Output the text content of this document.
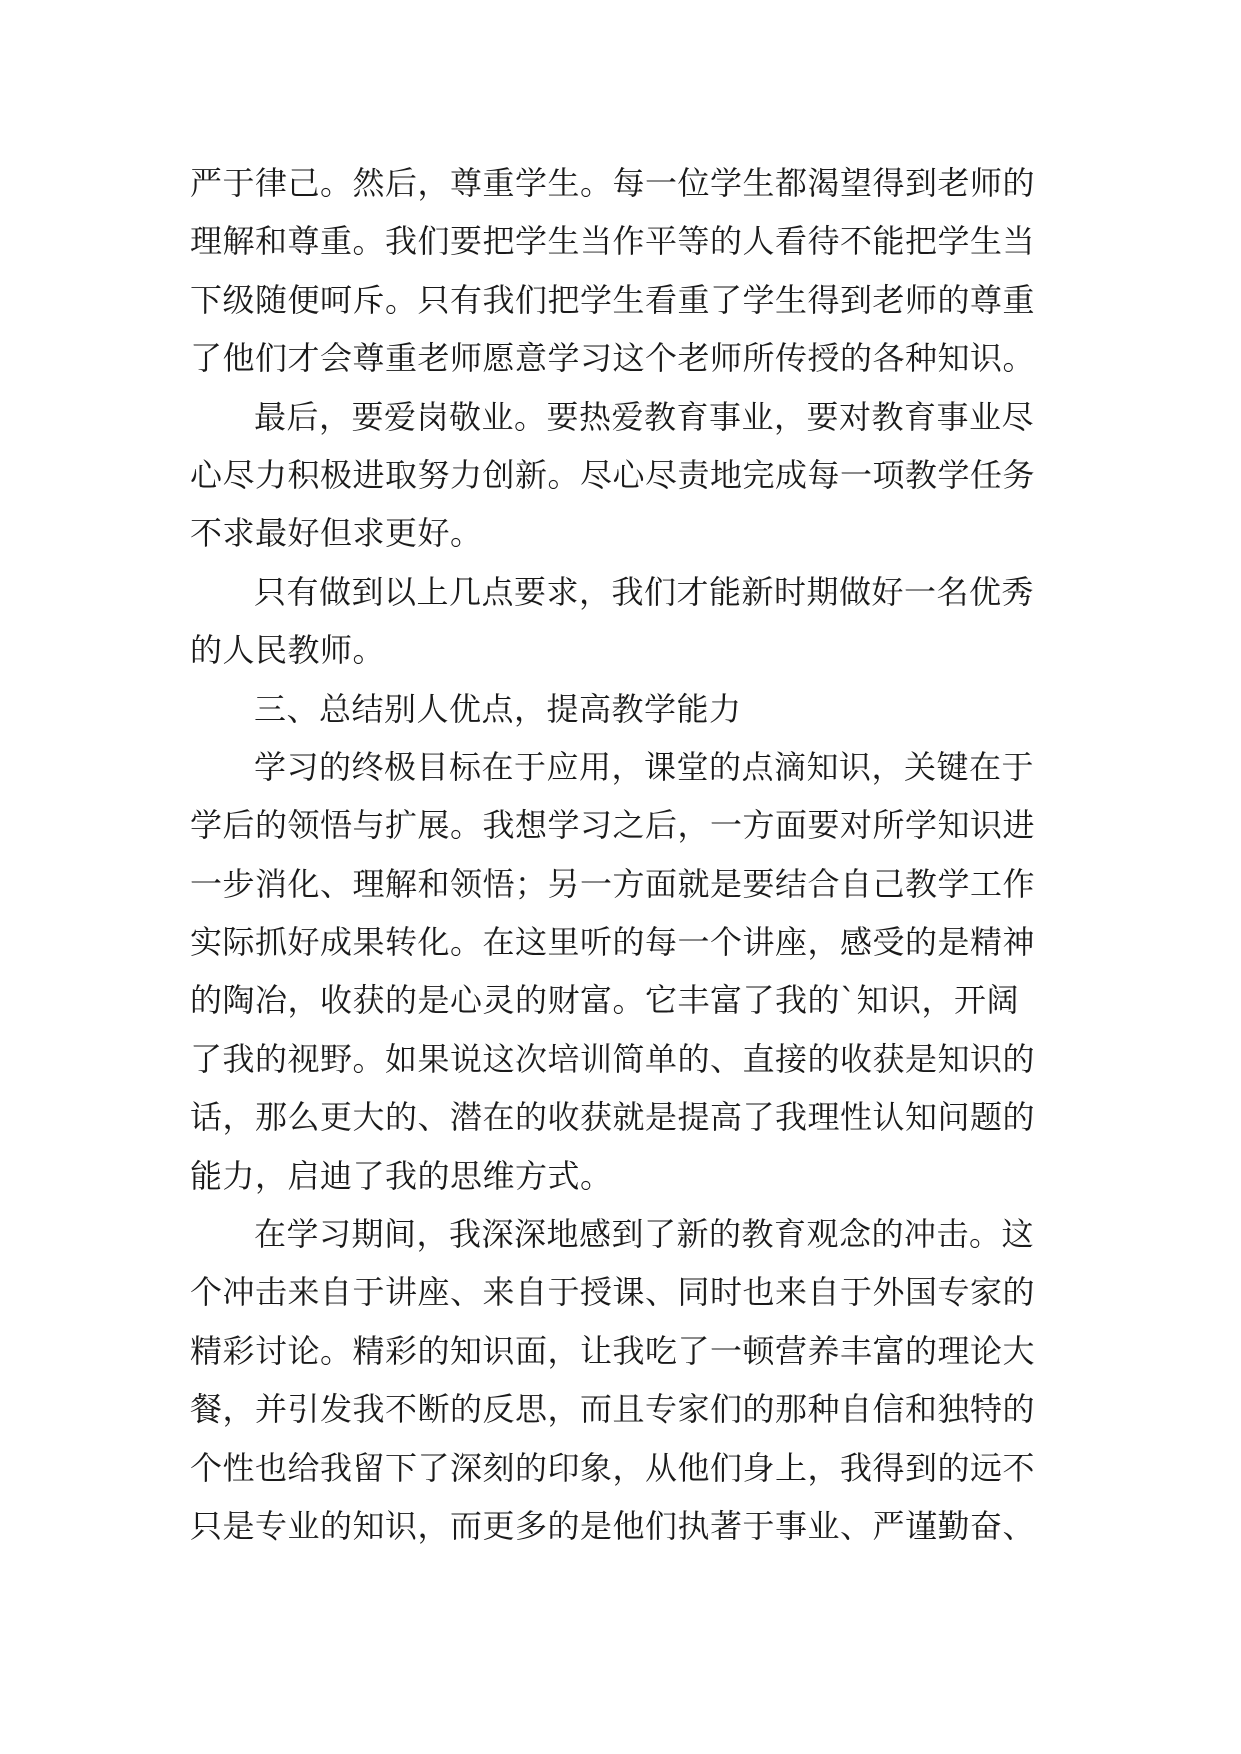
严于律己。然后，尊重学生。每一位学生都渴望得到老师的
理解和尊重。我们要把学生当作平等的人看待不能把学生当
下级随便呵斥。只有我们把学生看重了学生得到老师的尊重
了他们才会尊重老师愿意学习这个老师所传授的各种知识。
最后，要爱岗敬业。要热爱教育事业，要对教育事业尽
心尽力积极进取努力创新。尽心尽责地完成每一项教学任务
不求最好但求更好。
只有做到以上几点要求，我们才能新时期做好一名优秀
的人民教师。
三、总结别人优点，提高教学能力
学习的终极目标在于应用，课堂的点滴知识，关键在于
学后的领悟与扩展。我想学习之后，一方面要对所学知识进
一步消化、理解和领悟；另一方面就是要结合自己教学工作
实际抓好成果转化。在这里听的每一个讲座，感受的是精神
的陶冶，收获的是心灵的财富。它丰富了我的`知识，开阔
了我的视野。如果说这次培训简单的、直接的收获是知识的
话，那么更大的、潜在的收获就是提高了我理性认知问题的
能力，启迪了我的思维方式。
在学习期间，我深深地感到了新的教育观念的冲击。这
个冲击来自于讲座、来自于授课、同时也来自于外国专家的
精彩讨论。精彩的知识面，让我吃了一顿营养丰富的理论大
餐，并引发我不断的反思，而且专家们的那种自信和独特的
个性也给我留下了深刻的印象，从他们身上，我得到的远不
只是专业的知识，而更多的是他们执著于事业、严谨勤奋、
